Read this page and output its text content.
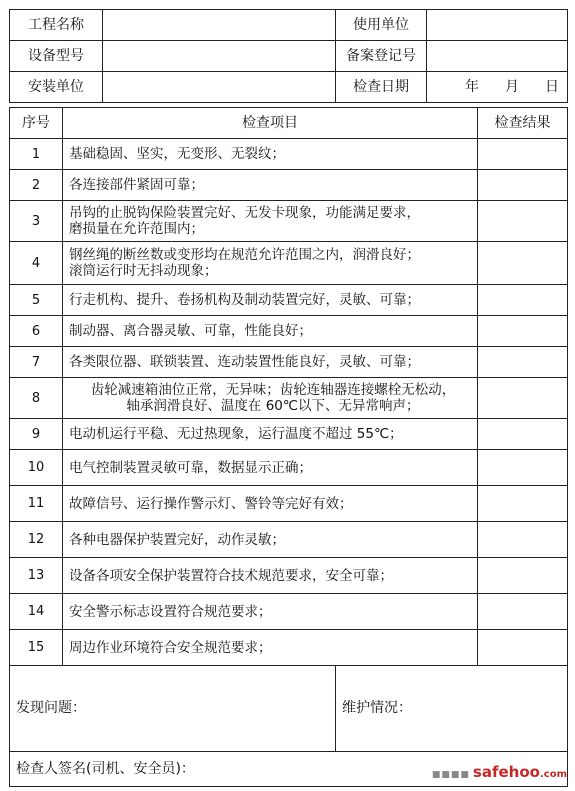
工程名称	使用单位
设备型号	备案登记号
安装单位	检查日期	年 月 日
序号	检查项目	检查结果
1	基础稳固、坚实，无变形、无裂纹；
2	各连接部件紧固可靠；
3	吊钩的止脱钩保险装置完好、无发卡现象，功能满足要求，
磨损量在允许范围内；
4	钢丝绳的断丝数或变形均在规范允许范围之内，润滑良好；
滚筒运行时无抖动现象；
5	行走机构、提升、卷扬机构及制动装置完好，灵敏、可靠；
6	制动器、离合器灵敏、可靠，性能良好；
7	各类限位器、联锁装置、连动装置性能良好，灵敏、可靠；
8	齿轮减速箱油位正常，无异味；齿轮连轴器连接螺栓无松动，
轴承润滑良好、温度在 60℃以下、无异常响声；
9	电动机运行平稳、无过热现象，运行温度不超过 55℃；
10	电气控制装置灵敏可靠，数据显示正确；
11	故障信号、运行操作警示灯、警铃等完好有效；
12	各种电器保护装置完好，动作灵敏；
13	设备各项安全保护装置符合技术规范要求，安全可靠；
14	安全警示标志设置符合规范要求；
15	周边作业环境符合安全规范要求；
发现问题：	维护情况：
检查人签名(司机、安全员)：	■■■■ safehoo.com
